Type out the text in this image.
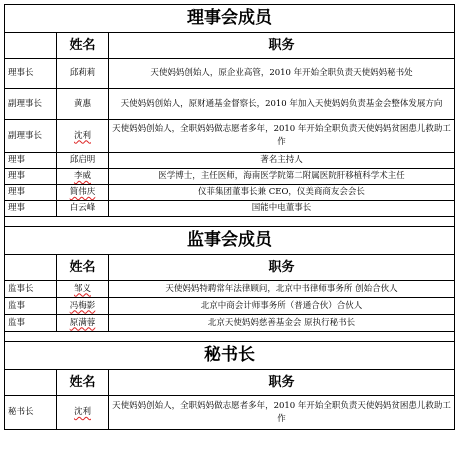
理事会成员		
	姓名	职务
理事长	邱莉莉	天使妈妈创始人，原企业高管，2010 年开始全职负责天使妈妈秘书处
副理事长	黄惠	天使妈妈创始人，原财通基金督察长，2010 年加入天使妈妈负责基金会整体发展方向
副理事长	沈利	天使妈妈创始人，全职妈妈做志愿者多年，2010 年开始全职负责天使妈妈贫困患儿救助工作
理事	邱启明	著名主持人
理事	李威	医学博士，主任医师，海南医学院第二附属医院肝移植科学术主任
理事	简伟庆	仪菲集团董事长兼 CEO，仪美商商友会会长
理事	白云峰	国能中电董事长

监事会成员		
	姓名	职务
监事长	邹义	天使妈妈特聘常年法律顾问，北京中书律师事务所 创始合伙人
监事	冯梅影	北京中商会计师事务所（普通合伙）合伙人
监事	原满蓉	北京天使妈妈慈善基金会 原执行秘书长

秘书长		
	姓名	职务
秘书长	沈利	天使妈妈创始人，全职妈妈做志愿者多年，2010 年开始全职负责天使妈妈贫困患儿救助工作
